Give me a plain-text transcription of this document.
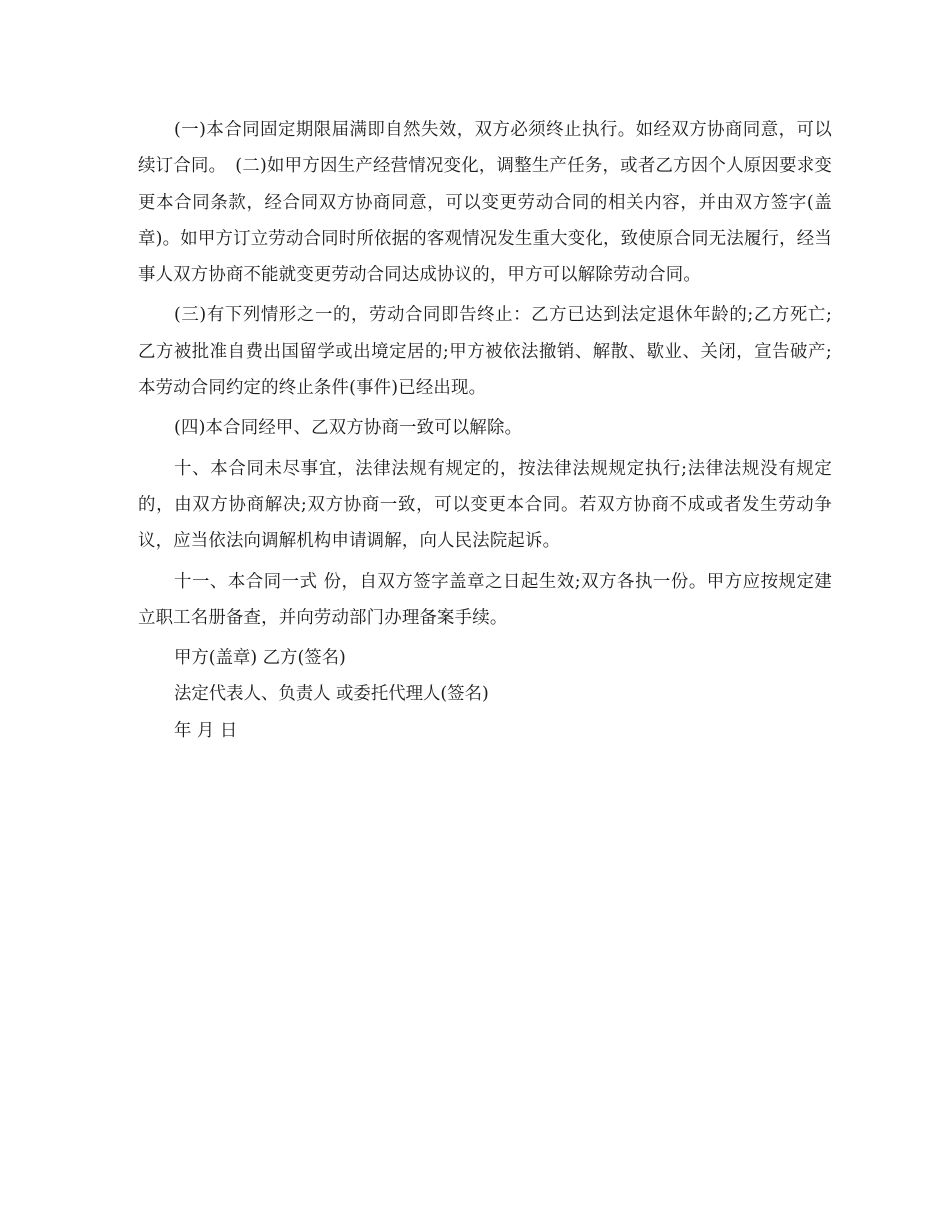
(一)本合同固定期限届满即自然失效，双方必须终止执行。如经双方协商同意，可以续订合同。　(二)如甲方因生产经营情况变化，调整生产任务，或者乙方因个人原因要求变更本合同条款，经合同双方协商同意，可以变更劳动合同的相关内容，并由双方签字(盖章)。如甲方订立劳动合同时所依据的客观情况发生重大变化，致使原合同无法履行，经当事人双方协商不能就变更劳动合同达成协议的，甲方可以解除劳动合同。

(三)有下列情形之一的，劳动合同即告终止：乙方已达到法定退休年龄的;乙方死亡;乙方被批准自费出国留学或出境定居的;甲方被依法撤销、解散、歇业、关闭，宣告破产;本劳动合同约定的终止条件(事件)已经出现。

(四)本合同经甲、乙双方协商一致可以解除。

十、本合同未尽事宜，法律法规有规定的，按法律法规规定执行;法律法规没有规定的，由双方协商解决;双方协商一致，可以变更本合同。若双方协商不成或者发生劳动争议，应当依法向调解机构申请调解，向人民法院起诉。

十一、本合同一式 份，自双方签字盖章之日起生效;双方各执一份。甲方应按规定建立职工名册备查，并向劳动部门办理备案手续。

甲方(盖章) 乙方(签名)

法定代表人、负责人 或委托代理人(签名)

年 月 日
